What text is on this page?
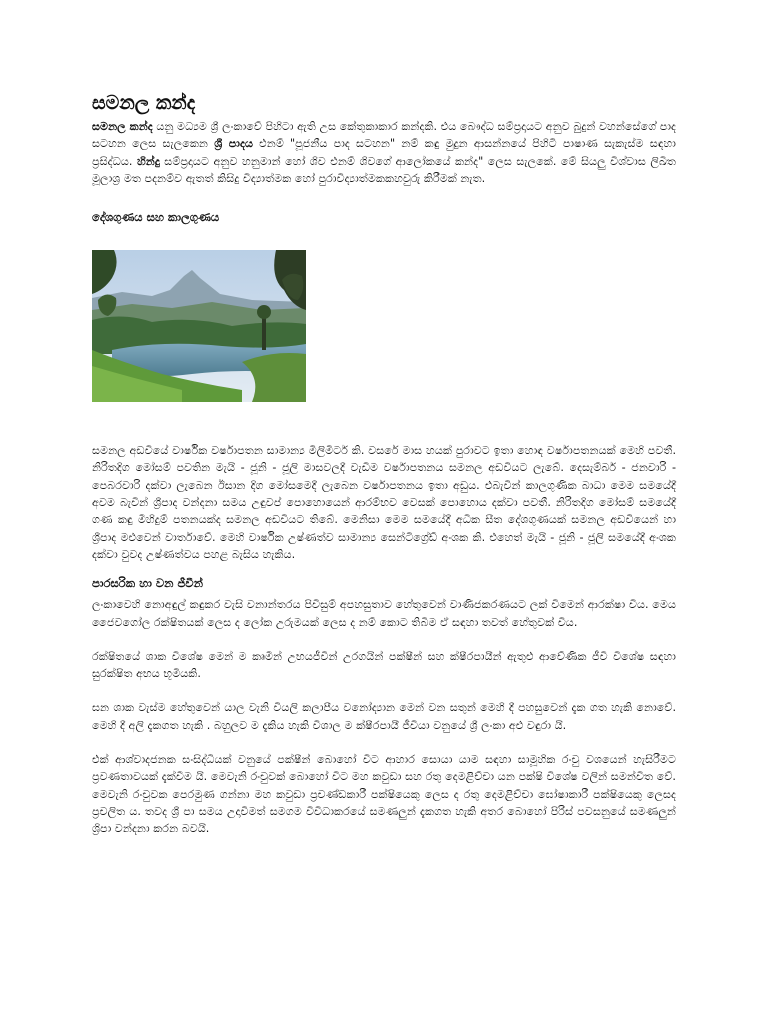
සමනල කන්ද

සමනල කන්ද යනු මධ්‍යම ශ්‍රී ලංකාවේ පිහිටා ඇති උස කේතුකාකාර කන්දකි. එය බෞද්ධ සම්ප්‍රදායට අනුව බුදුන් වහන්සේගේ පාද සටහන ලෙස සැලකෙන ශ්‍රී පාදය එනම් "පූජනීය පාද සටහන" නම් කඳු මුදුන ආසන්නයේ පිහිටි පාෂාණ සැකැස්ම සඳහා ප්‍රසිද්ධය. හින්දු සම්ප්‍රදායට අනුව හනුමාන් හෝ ශිව එනම් ශිවගේ ආලෝකයේ කන්ද" ලෙස සැලකේ. මේ සියලු විශ්වාස ලිඛිත මූලාශ්‍ර මත පදනම්ව ඇතත් කිසිදු විද්‍යාත්මක හෝ පුරාවිද්‍යාත්මකකහවුරු කිරීමක් නැත.

දේශගුණය සහ කාලගුණය

සමනල අඩවියේ වාර්ෂික වර්ෂාපතන සාමාන්‍ය මිලිමීටර් කි. වසරේ මාස හයක් පුරාවට ඉතා හොඳ වර්ෂාපතනයක් මෙහි පවතී. නිරිතදිග මෝසම් පවතින මැයි - ජූනි - ජූලි මාසවලදී වැඩිම වර්ෂාපතනය සමනල අඩවියට ලැබේ. දෙසැම්බර් - ජනවාරි - පෙබරවාරි දක්වා ලැබෙන ඊසාන දිග මෝසමෙදී ලැබෙන වර්ෂාපතනය ඉතා අඩුය. එබැවින් කාලගුණික බාධා මෙම සමයේදී අවම බැවින් ශ්‍රීපාද වන්දනා සමය උඳුවප් පොහොයෙන් ආරම්භව වෙසක් පොහොය දක්වා පවතී. නිරිතදිග මෝසම් සමයේදී ගණ කඳු මීහිදුම් පතනයක්ද සමනල අඩවියට තිබේ. මෙනිසා මෙම සමයේදී අධික සීත දේශගුණයක් සමනල අඩවියෙන් හා ශ්‍රීපාද මළුවෙන් වාර්තාවේ. මෙහි වාර්ෂික උෂ්ණත්ව සාමාන්‍ය සෙන්ටිග්‍රේඩ් අංශක කි. එහෙත් මැයි - ජූනි - ජූලි සමයේදී අංශක දක්වා වුවද උෂ්ණත්වය පහළ බැසිය හැකිය.

පාරසරික හා වන ජීවීන්

ලංකාවෙහි නොඅඳුල් කඳුකර වැසි වනාන්තරය පිවිසුම් අපහසුතාව හේතුවෙන් වාණිජකරණයට ලක් වීමෙන් ආරක්ෂා විය. මෙය ජෛවගෝල රක්ෂිතයක් ලෙස ද ලෝක උරුමයක් ලෙස ද නම් කොට තිබීම ඒ සඳහා තවත් හේතුවක් විය.

රක්ෂිතයේ ශාක විශේෂ මෙන් ම කෘමීන් උභයජීවීන් උරගයින් පක්ෂීන් සහ ක්ෂීරපායීන් ඇතුළු ආවේණික ජීවී විශේෂ සඳහා සුරක්ෂිත අභය භූමියකි.

ඝන ශාක වැස්ම හේතුවෙන් යාල වැනි වියලි කලාපීය වනෝද්‍යාන මෙන් වන සතුන් මෙහි දී පහසුවෙන් දැක ගත හැකි නොවේ. මෙහි දී අලි දැකගත හැකි . බහුලව ම දැකිය හැකි විශාල ම ක්ෂීරපායී ජීවියා වනුයේ ශ්‍රී ලංකා අළු වඳුරා යි.

එක් ආශ්වාදජනක සංසිද්ධියක් වනුයේ පක්ෂීන් බොහෝ විට ආහාර සොයා යාම සඳහා සාමූහික රංචු වශයෙන් හැසිරීමට ප්‍රවණතාවයක් දැක්වීම යි. මෙවැනි රංචුවක් බොහෝ විට මහ කවුඩා සහ රතු දෙමළිච්චා යන පක්ෂි විශේෂ වලින් සමන්විත වේ. මෙවැනි රංචුවක පෙරමුණ ගන්නා මහ කවුඩා ප්‍රචණ්ඩකාරී පක්ෂියෙකු ලෙස ද රතු දෙමළිච්චා ඝෝෂාකාරී පක්ෂියෙකු ලෙසද ප්‍රචලිත ය. තවද ශ්‍රී පා සමය උදාවීමත් සමගම විවිධාකරයේ සමණලුන් දැකගත හැකි අතර බොහෝ පිරිස් පවසනුයේ සමණලුන් ශ්‍රිපා වන්දනා කරන බවයි.
